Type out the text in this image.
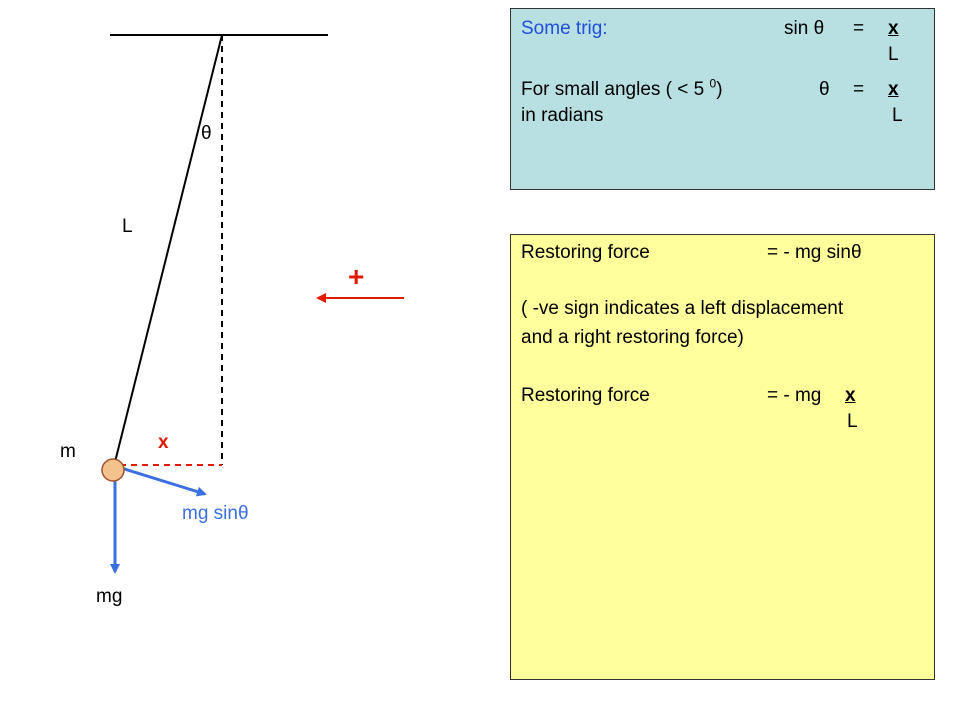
θ
L
m	x
mg sinθ
mg
+
Some trig:	sin θ = x
L
For small angles ( < 5 $^0$)	θ = x
in radians	L
Restoring force	= - mg sinθ
( -ve sign indicates a left displacement
and a right restoring force)
Restoring force	= - mg x
L
